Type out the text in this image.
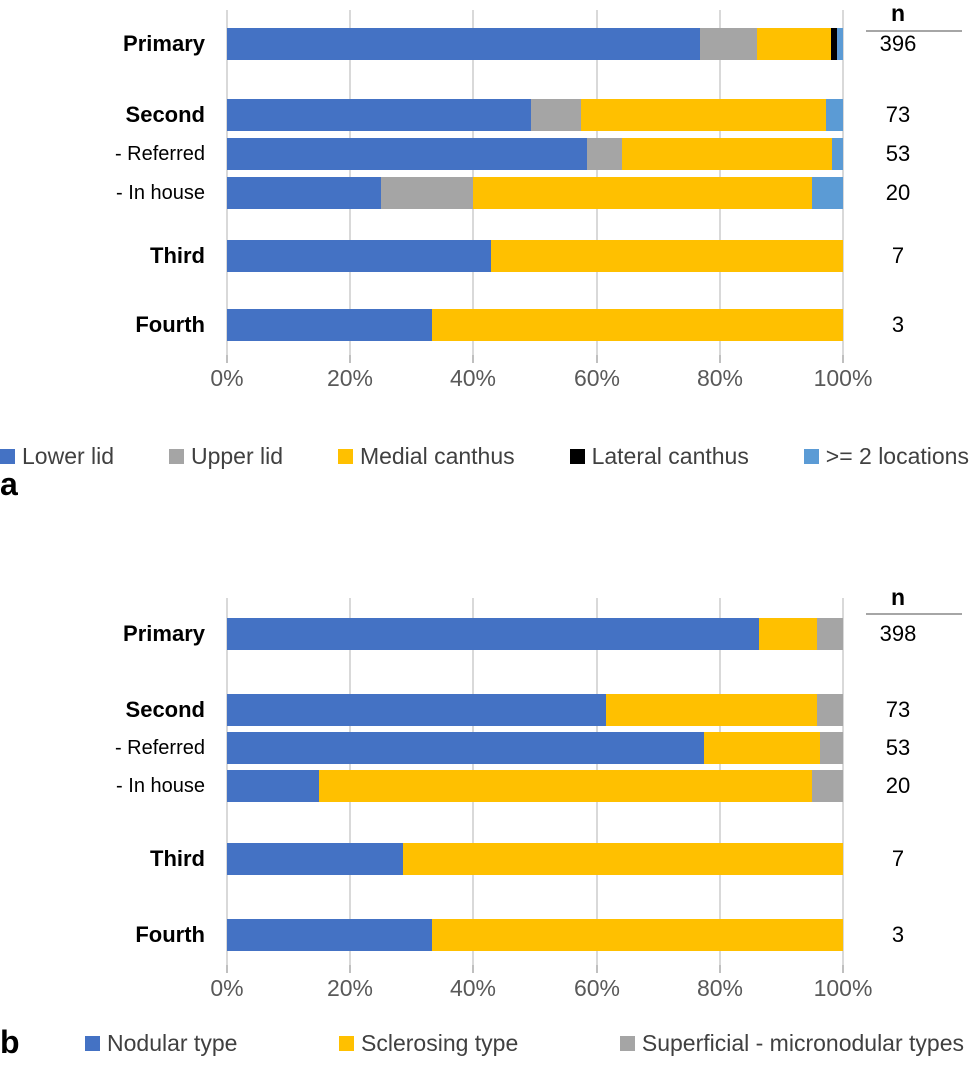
0%	20%	40%	60%	80%	100%
n
Primary	396
Second	73
- Referred	53
- In house	20
Third	7
Fourth	3
Lower lid	Upper lid	Medial canthus	Lateral canthus	>= 2 locations
a
0%	20%	40%	60%	80%	100%
n
Primary	398
Second	73
- Referred	53
- In house	20
Third	7
Fourth	3
Nodular type	Sclerosing type	Superficial - micronodular types
b
